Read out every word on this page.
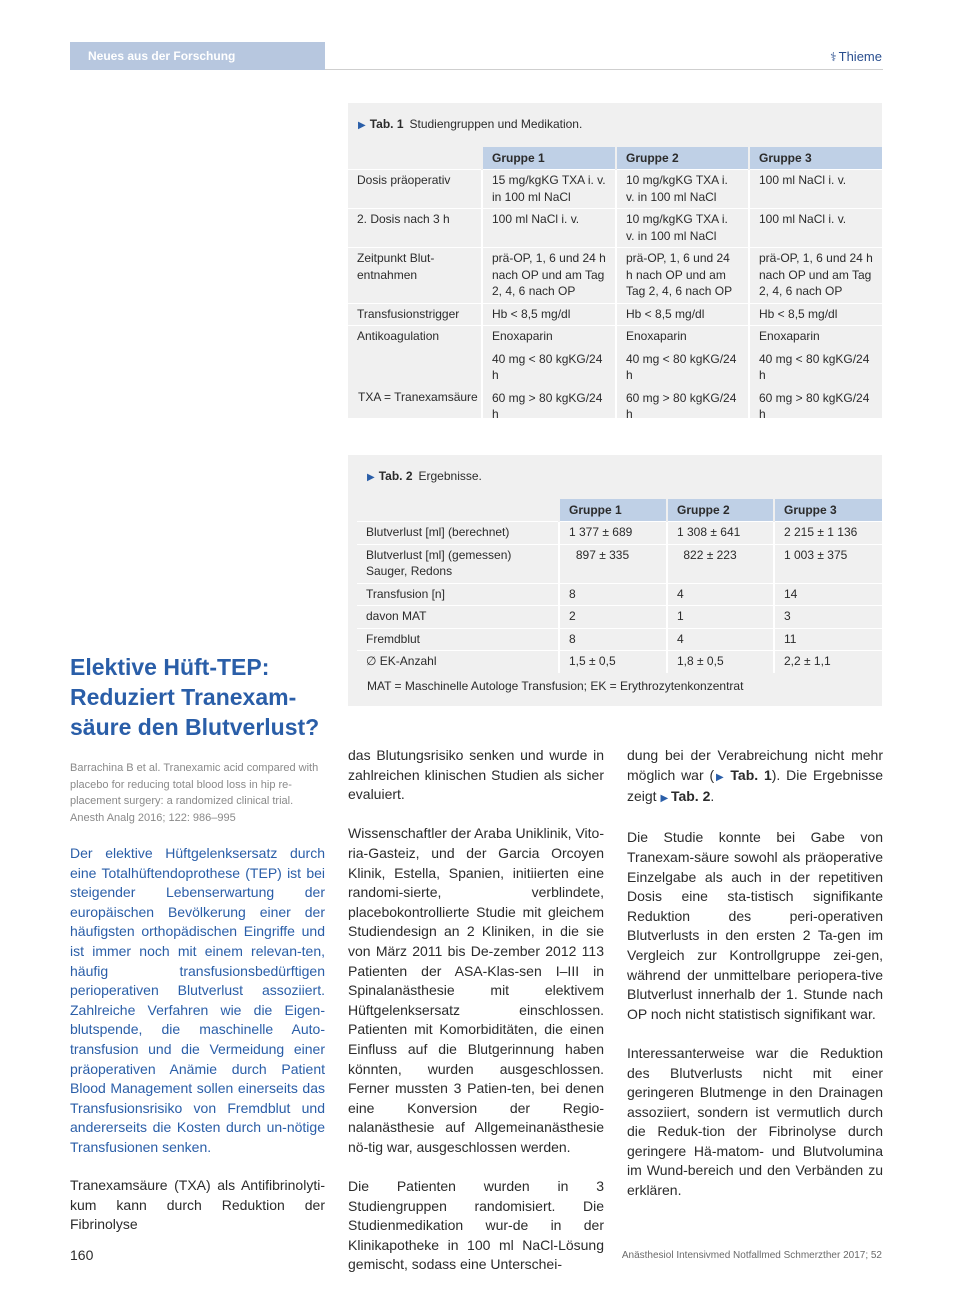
Neues aus der Forschung	⚕ Thieme
▶ Tab. 1 Studiengruppen und Medikation.
	Gruppe 1	Gruppe 2	Gruppe 3
Dosis präoperativ	15 mg/kgKG TXA i. v. in 100 ml NaCl	10 mg/kgKG TXA i. v. in 100 ml NaCl	100 ml NaCl i. v.
2. Dosis nach 3 h	100 ml NaCl i. v.	10 mg/kgKG TXA i. v. in 100 ml NaCl	100 ml NaCl i. v.
Zeitpunkt Blut-entnahmen	prä-OP, 1, 6 und 24 h nach OP und am Tag 2, 4, 6 nach OP	prä-OP, 1, 6 und 24 h nach OP und am Tag 2, 4, 6 nach OP	prä-OP, 1, 6 und 24 h nach OP und am Tag 2, 4, 6 nach OP
Transfusionstrigger	Hb < 8,5 mg/dl	Hb < 8,5 mg/dl	Hb < 8,5 mg/dl
Antikoagulation	Enoxaparin	Enoxaparin	Enoxaparin
	40 mg < 80 kgKG/24 h	40 mg < 80 kgKG/24 h	40 mg < 80 kgKG/24 h
	60 mg > 80 kgKG/24 h	60 mg > 80 kgKG/24 h	60 mg > 80 kgKG/24 h
TXA = Tranexamsäure
▶ Tab. 2 Ergebnisse.
	Gruppe 1	Gruppe 2	Gruppe 3
Blutverlust [ml] (berechnet)	1 377 ± 689	1 308 ± 641	2 215 ± 1 136
Blutverlust [ml] (gemessen) Sauger, Redons	897 ± 335	822 ± 223	1 003 ± 375
Transfusion [n]	8	4	14
davon MAT	2	1	3
Fremdblut	8	4	11
∅ EK-Anzahl	1,5 ± 0,5	1,8 ± 0,5	2,2 ± 1,1
MAT = Maschinelle Autologe Transfusion; EK = Erythrozytenkonzentrat
Elektive Hüft-TEP: Reduziert Tranexam-säure den Blutverlust?
Barrachina B et al. Tranexamic acid compared with placebo for reducing total blood loss in hip re-placement surgery: a randomized clinical trial. Anesth Analg 2016; 122: 986–995
Der elektive Hüftgelenksersatz durch eine Totalhüftendoprothese (TEP) ist bei steigender Lebenserwartung der europäischen Bevölkerung einer der häufigsten orthopädischen Eingriffe und ist immer noch mit einem relevan-ten, häufig transfusionsbedürftigen perioperativen Blutverlust assoziiert. Zahlreiche Verfahren wie die Eigen-blutspende, die maschinelle Auto-transfusion und die Vermeidung einer präoperativen Anämie durch Patient Blood Management sollen einerseits das Transfusionsrisiko von Fremdblut und andererseits die Kosten durch un-nötige Transfusionen senken.

Tranexamsäure (TXA) als Antifibrinolyti-kum kann durch Reduktion der Fibrinolyse

das Blutungsrisiko senken und wurde in zahlreichen klinischen Studien als sicher evaluiert.

Wissenschaftler der Araba Uniklinik, Vito-ria-Gasteiz, und der Garcia Orcoyen Klinik, Estella, Spanien, initiierten eine randomi-sierte, verblindete, placebokontrollierte Studie mit gleichem Studiendesign an 2 Kliniken, in die sie von März 2011 bis De-zember 2012 113 Patienten der ASA-Klas-sen I–III in Spinalanästhesie mit elektivem Hüftgelenksersatz einschlossen. Patienten mit Komorbiditäten, die einen Einfluss auf die Blutgerinnung haben könnten, wurden ausgeschlossen. Ferner mussten 3 Patien-ten, bei denen eine Konversion der Regio-nalanästhesie auf Allgemeinanästhesie nö-tig war, ausgeschlossen werden.

Die Patienten wurden in 3 Studiengruppen randomisiert. Die Studienmedikation wur-de in der Klinikapotheke in 100 ml NaCl-Lösung gemischt, sodass eine Unterschei-

dung bei der Verabreichung nicht mehr möglich war (▶ Tab. 1). Die Ergebnisse zeigt ▶ Tab. 2.

Die Studie konnte bei Gabe von Tranexam-säure sowohl als präoperative Einzelgabe als auch in der repetitiven Dosis eine sta-tistisch signifikante Reduktion des peri-operativen Blutverlusts in den ersten 2 Ta-gen im Vergleich zur Kontrollgruppe zei-gen, während der unmittelbare periopera-tive Blutverlust innerhalb der 1. Stunde nach OP noch nicht statistisch signifikant war.

Interessanterweise war die Reduktion des Blutverlusts nicht mit einer geringeren Blutmenge in den Drainagen assoziiert, sondern ist vermutlich durch die Reduk-tion der Fibrinolyse durch geringere Hä-matom- und Blutvolumina im Wund-bereich und den Verbänden zu erklären.

160	Anästhesiol Intensivmed Notfallmed Schmerzther 2017; 52
